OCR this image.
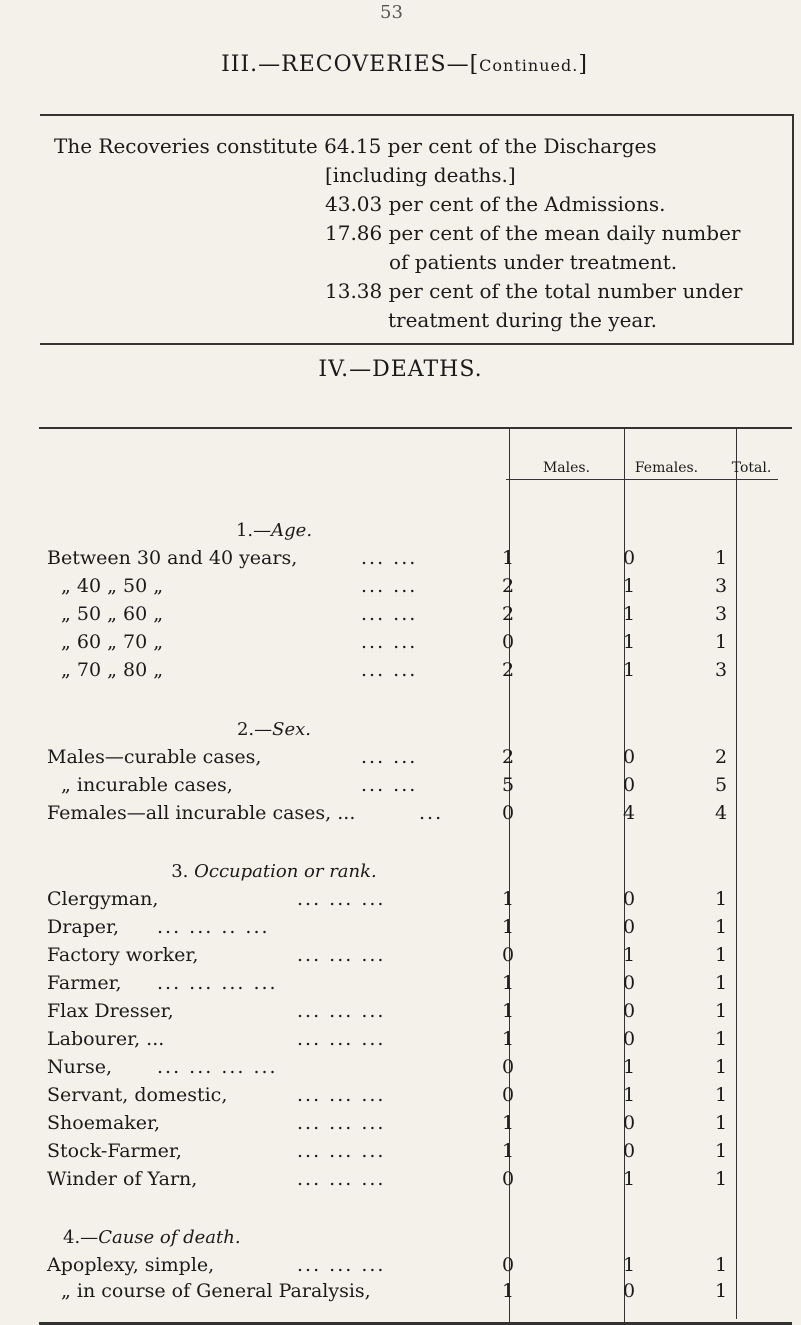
53
III.—RECOVERIES—[Continued.]
The Recoveries constitute 64.15 per cent of the Discharges
[including deaths.]
43.03 per cent of the Admissions.
17.86 per cent of the mean daily number
of patients under treatment.
13.38 per cent of the total number under
treatment during the year.
IV.—DEATHS.
Males.	Females.	Total.
1.—Age.
Between 30 and 40 years,	... ...	1	0	1
„ 40 „ 50 „	... ...	2	1	3
„ 50 „ 60 „	... ...	2	1	3
„ 60 „ 70 „	... ...	0	1	1
„ 70 „ 80 „	... ...	2	1	3
2.—Sex.
Males—curable cases,	... ...	2	0	2
„ incurable cases,	... ...	5	0	5
Females—all incurable cases, ...	...	0	4	4
3. Occupation or rank.
Clergyman,	... ... ...	1	0	1
Draper, ... ... .. ...	1	0	1
Factory worker,	... ... ...	0	1	1
Farmer, ... ... ... ...	1	0	1
Flax Dresser,	... ... ...	1	0	1
Labourer, ...	... ... ...	1	0	1
Nurse, ... ... ... ...	0	1	1
Servant, domestic,	... ... ...	0	1	1
Shoemaker,	... ... ...	1	0	1
Stock-Farmer,	... ... ...	1	0	1
Winder of Yarn,	... ... ...	0	1	1
4.—Cause of death.
Apoplexy, simple,	... ... ...	0	1	1
„ in course of General Paralysis,	1	0	1
